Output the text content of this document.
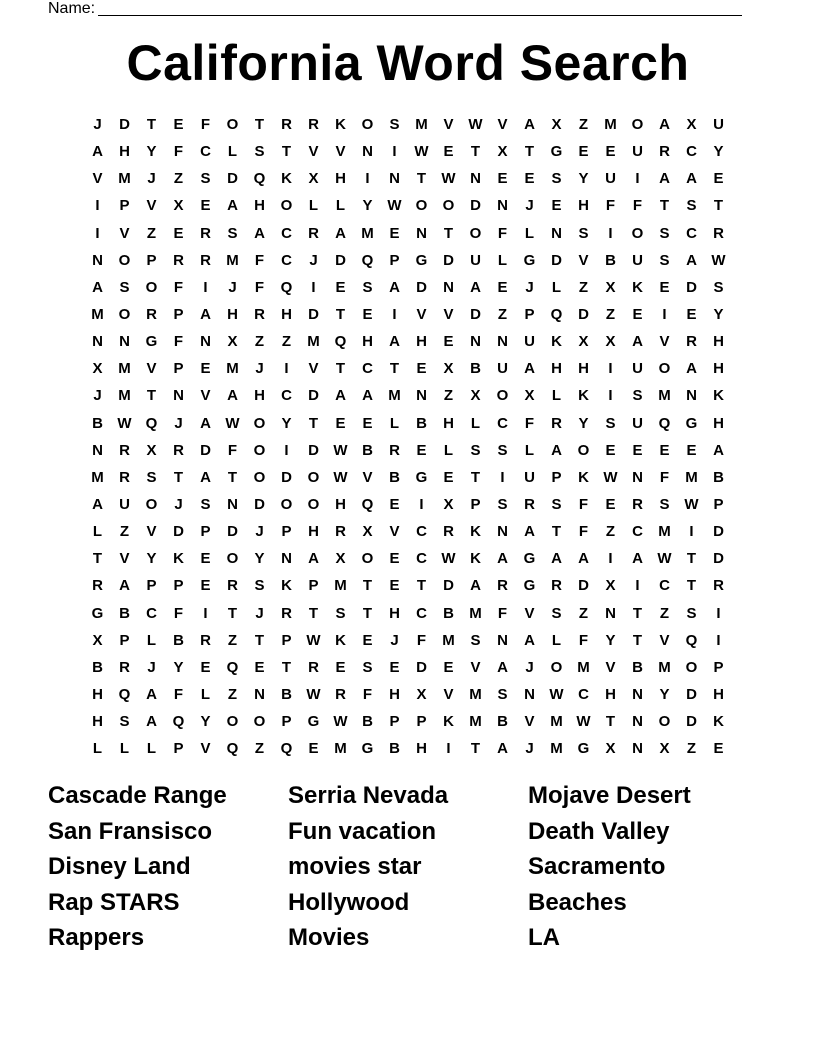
Name:
California Word Search
J	D	T	E	F	O	T	R	R	K	O	S	M	V W V	A	X	Z	M O	A	X	U
A	H	Y	F	C	L	S	T	V	V	N	I	W E	T	X	T	G	E	E	U	R	C	Y
V	M	J	Z	S	D	Q	K	X	H	I	N	T	W N	E	E	S	Y	U	I	A	A	E
I	P	V	X	E	A	H	O	L	L	Y W O	O	D	N	J	E	H	F	F	T	S	T
I	V	Z	E	R	S	A	C	R	A	M	E	N	T	O	F	L	N	S	I	O	S	C	R
N	O	P	R	R	M	F	C	J	D	Q	P	G	D	U	L	G	D	V	B	U	S	A W
A	S	O	F	I	J	F	Q	I	E	S	A	D	N	A	E	J	L	Z	X	K	E	D	S
M O	R	P	A	H	R	H	D	T	E	I	V	V	D	Z	P	Q	D	Z	E	I	E	Y
N	N	G	F	N	X	Z	Z	M Q	H	A	H	E	N	N	U	K	X	X	A	V	R	H
X	M	V	P	E	M	J	I	V	T	C	T	E	X	B	U	A	H	H	I	U	O	A	H
J	M	T	N	V	A	H	C	D	A	A	M	N	Z	X	O	X	L	K	I	S	M	N	K
B W Q	J	A W O	Y	T	E	E	L	B	H	L	C	F	R	Y	S	U	Q	G	H
N	R	X	R	D	F	O	I	D W B	R	E	L	S	S	L	A	O	E	E	E	E	A
M	R	S	T	A	T	O	D	O W V	B	G	E	T	I	U	P	K W N	F	M	B
A	U	O	J	S	N	D	O	O	H	Q	E	I	X	P	S	R	S	F	E	R	S W P
L	Z	V	D	P	D	J	P	H	R	X	V	C	R	K	N	A	T	F	Z	C	M	I	D
T	V	Y	K	E	O	Y	N	A	X	O	E	C W K	A	G	A	A	I	A W	T	D
R	A	P	P	E	R	S	K	P	M	T	E	T	D	A	R	G	R	D	X	I	C	T	R
G	B	C	F	I	T	J	R	T	S	T	H	C	B	M	F	V	S	Z	N	T	Z	S	I
X	P	L	B	R	Z	T	P W K	E	J	F	M	S	N	A	L	F	Y	T	V	Q	I
B	R	J	Y	E	Q	E	T	R	E	S	E	D	E	V	A	J	O M	V	B	M O	P
H	Q	A	F	L	Z	N	B W R	F	H	X	V	M	S	N W C	H	N	Y	D	H
H	S	A	Q	Y	O	O	P	G W B	P	P	K	M	B	V	M W	T	N	O	D	K
L	L	L	P	V	Q	Z	Q	E	M G	B	H	I	T	A	J	M G	X	N	X	Z	E
Cascade Range	Serria Nevada	Mojave Desert
San Fransisco	Fun vacation	Death Valley
Disney Land	movies star	Sacramento
Rap STARS	Hollywood	Beaches
Rappers	Movies	LA
